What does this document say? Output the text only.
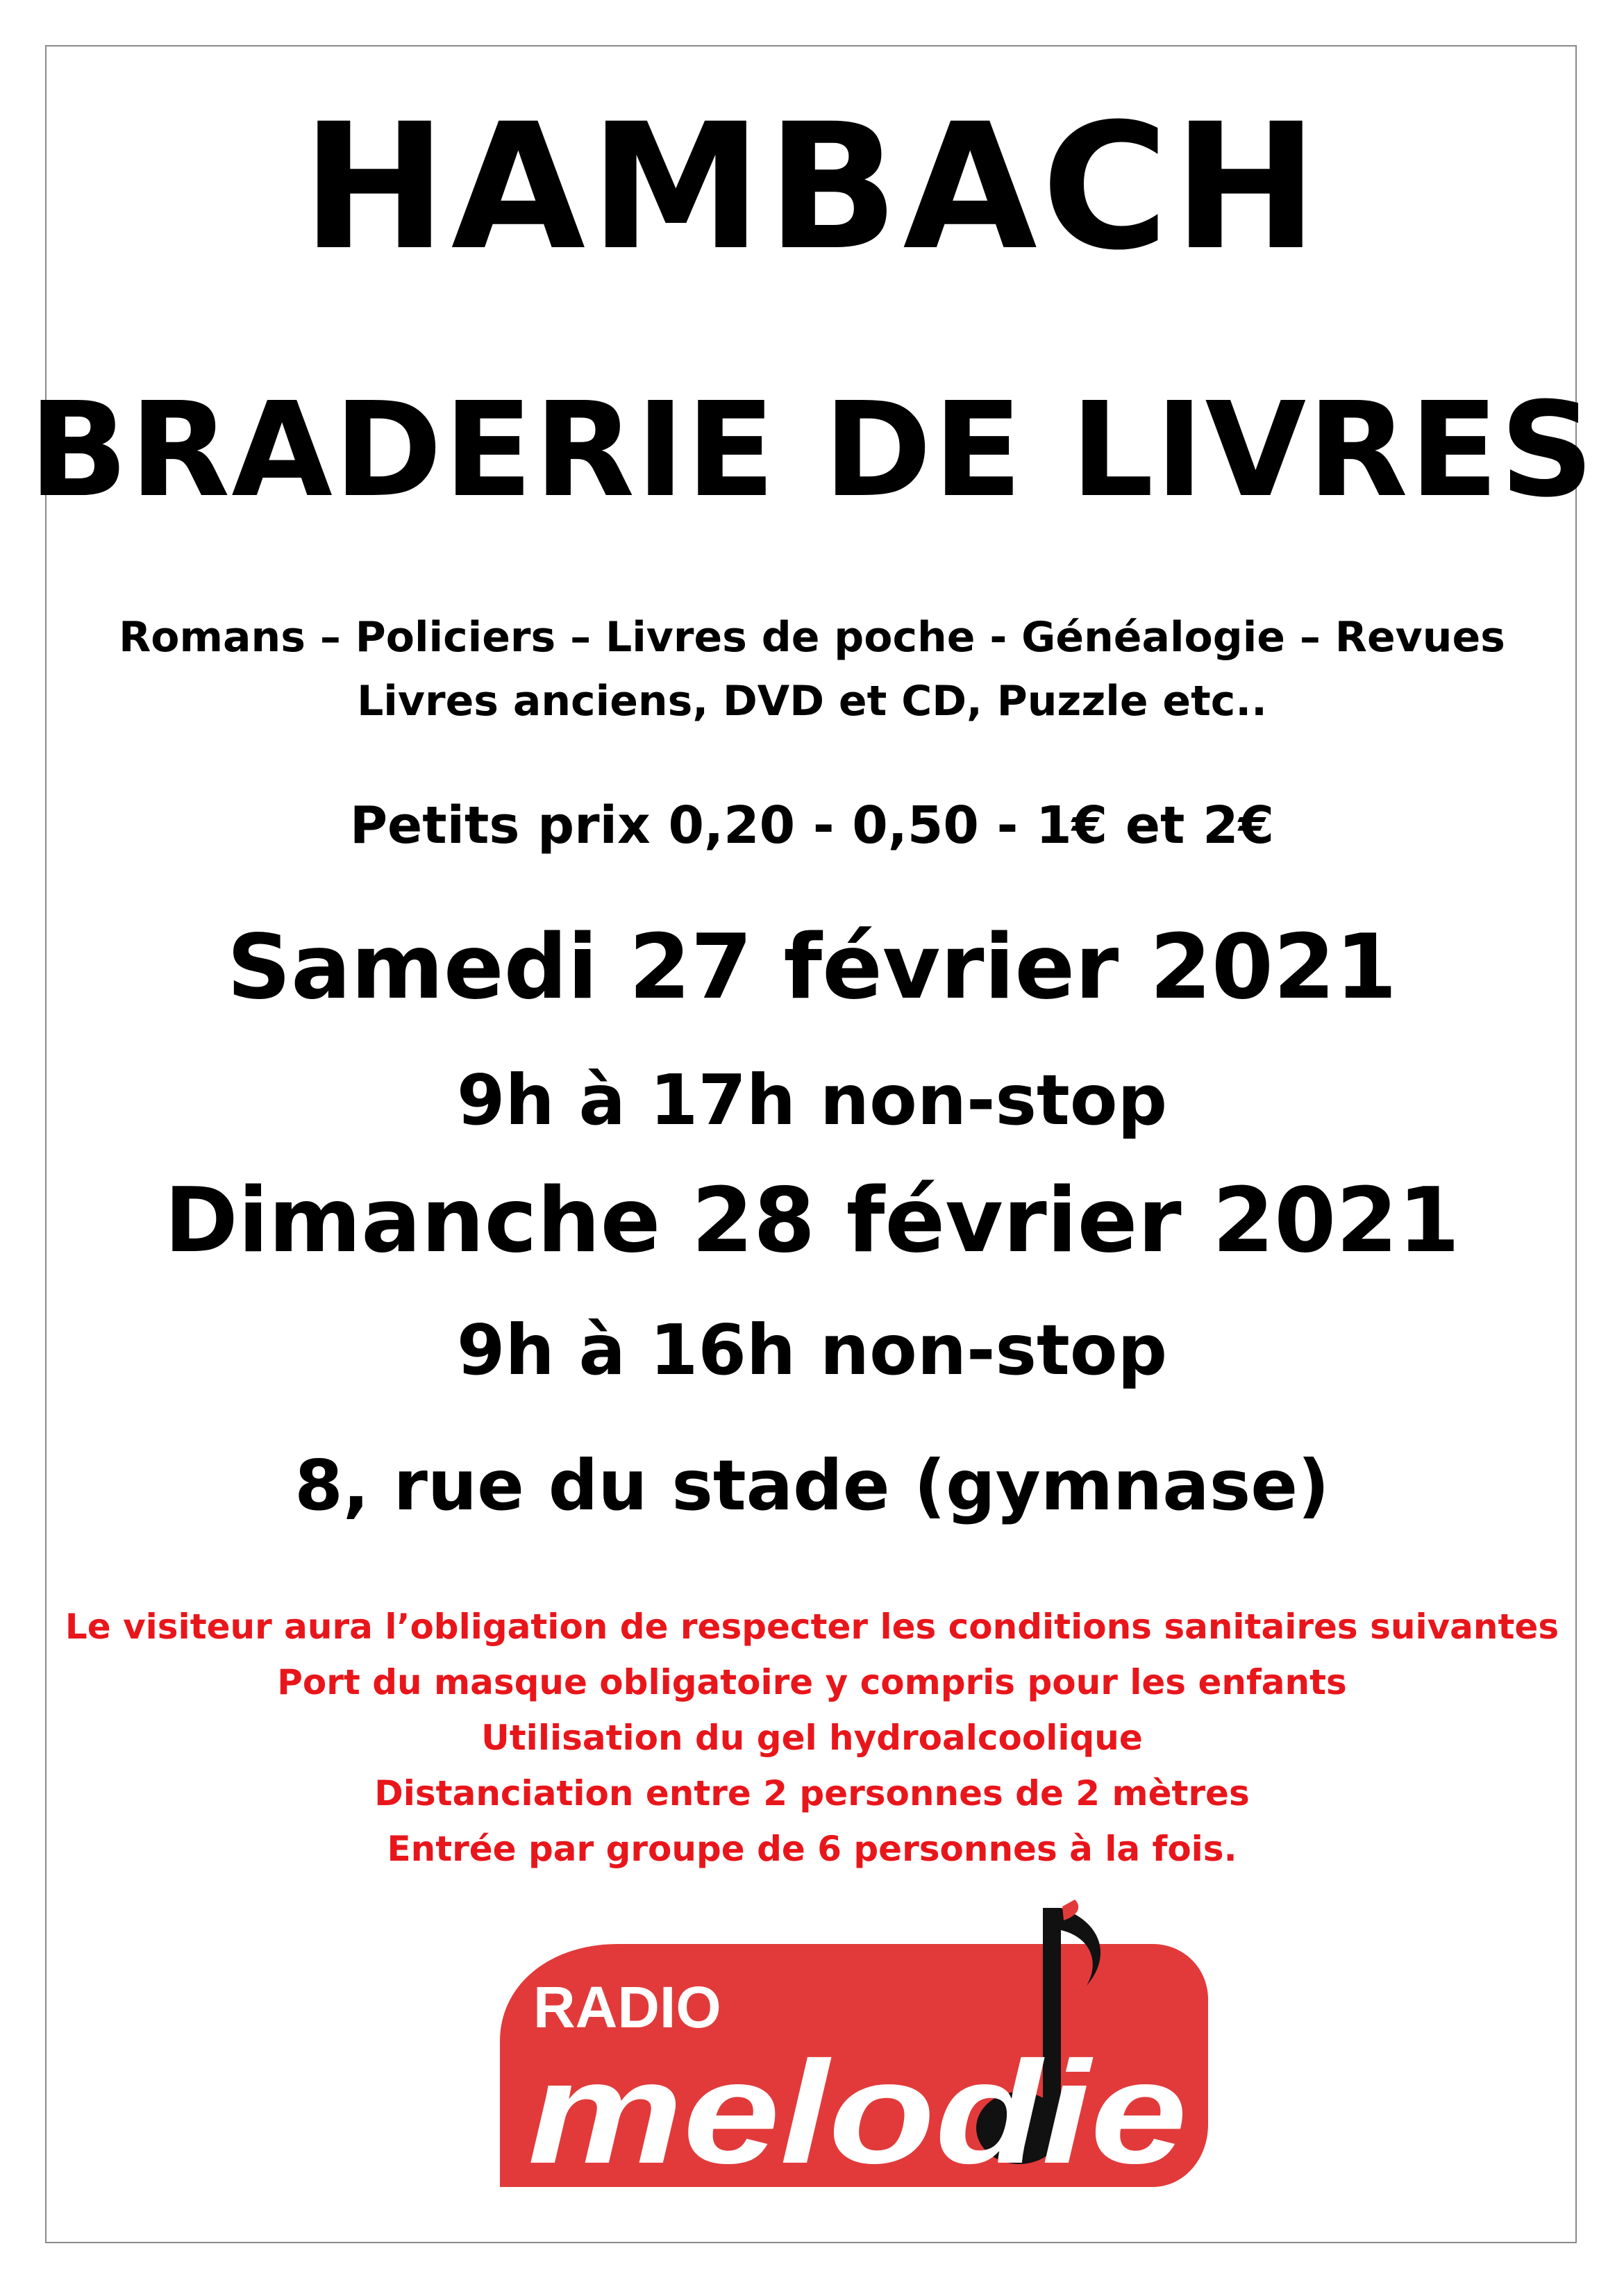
HAMBACH
BRADERIE DE LIVRES
Romans – Policiers – Livres de poche - Généalogie – Revues
Livres anciens, DVD et CD, Puzzle etc..
Petits prix 0,20 - 0,50 - 1€ et 2€
Samedi 27 février 2021
9h à 17h non-stop
Dimanche 28 février 2021
9h à 16h non-stop
8, rue du stade (gymnase)
Le visiteur aura l’obligation de respecter les conditions sanitaires suivantes
Port du masque obligatoire y compris pour les enfants
Utilisation du gel hydroalcoolique
Distanciation entre 2 personnes de 2 mètres
Entrée par groupe de 6 personnes à la fois.
RADIO
melodie
